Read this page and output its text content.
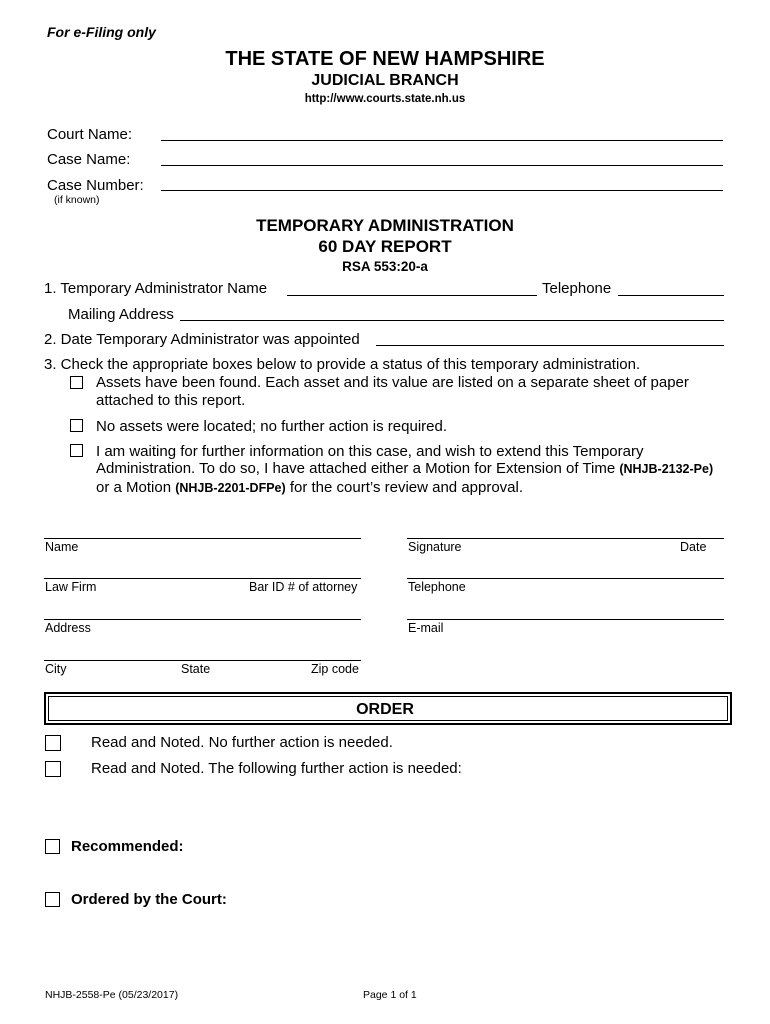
For e-Filing only
THE STATE OF NEW HAMPSHIRE
JUDICIAL BRANCH
http://www.courts.state.nh.us
Court Name:
Case Name:
Case Number:
(if known)
TEMPORARY ADMINISTRATION
60 DAY REPORT
RSA 553:20-a
1. Temporary Administrator Name	Telephone
Mailing Address
2. Date Temporary Administrator was appointed
3. Check the appropriate boxes below to provide a status of this temporary administration.
Assets have been found. Each asset and its value are listed on a separate sheet of paper
attached to this report.
No assets were located; no further action is required.
I am waiting for further information on this case, and wish to extend this Temporary
Administration. To do so, I have attached either a Motion for Extension of Time (NHJB-2132-Pe)
or a Motion (NHJB-2201-DFPe) for the court’s review and approval.
Name	Signature	Date
Law Firm	Bar ID # of attorney	Telephone
Address	E-mail
City	State	Zip code
ORDER
Read and Noted. No further action is needed.
Read and Noted. The following further action is needed:
Recommended:
Ordered by the Court:
NHJB-2558-Pe (05/23/2017)	Page 1 of 1
